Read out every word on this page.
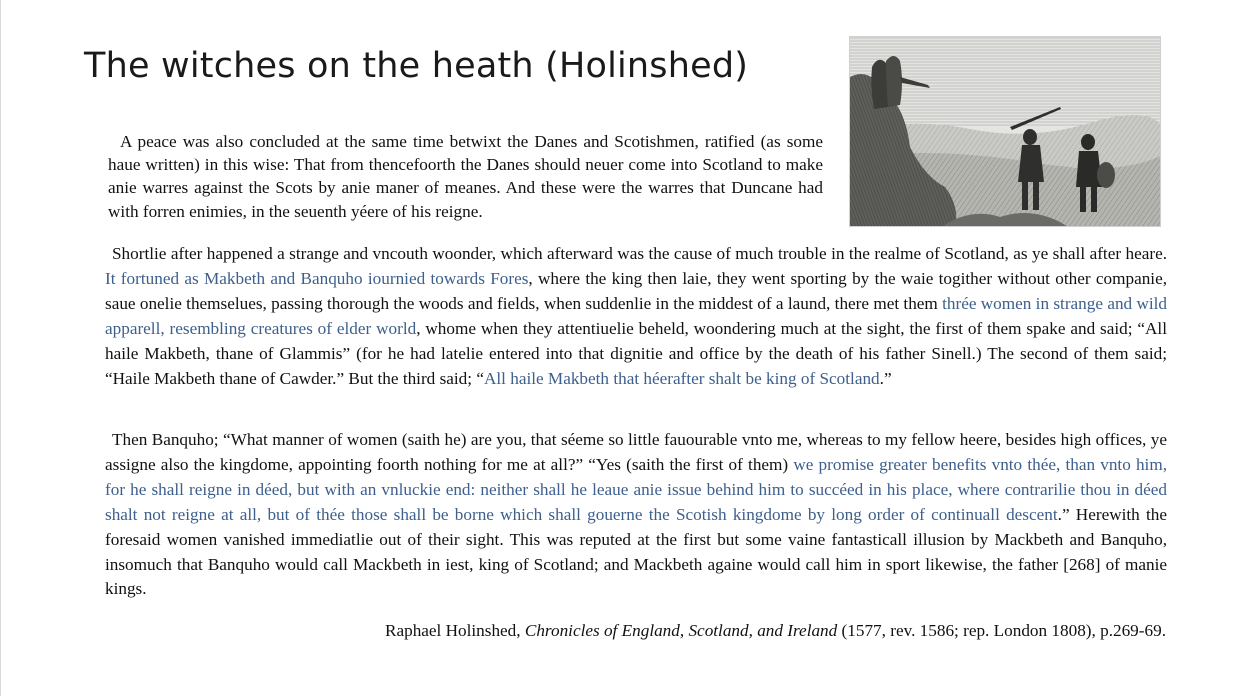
The witches on the heath (Holinshed)

A peace was also concluded at the same time betwixt the Danes and Scotishmen, ratified (as some haue written) in this wise: That from thencefoorth the Danes should neuer come into Scotland to make anie warres against the Scots by anie maner of meanes. And these were the warres that Duncane had with forren enimies, in the seuenth yéere of his reigne.

Shortlie after happened a strange and vncouth woonder, which afterward was the cause of much trouble in the realme of Scotland, as ye shall after heare. It fortuned as Makbeth and Banquho iournied towards Fores, where the king then laie, they went sporting by the waie togither without other companie, saue onelie themselues, passing thorough the woods and fields, when suddenlie in the middest of a laund, there met them thrée women in strange and wild apparell, resembling creatures of elder world, whome when they attentiuelie beheld, woondering much at the sight, the first of them spake and said; “All haile Makbeth, thane of Glammis” (for he had latelie entered into that dignitie and office by the death of his father Sinell.) The second of them said; “Haile Makbeth thane of Cawder.” But the third said; “All haile Makbeth that héerafter shalt be king of Scotland.”

Then Banquho; “What manner of women (saith he) are you, that séeme so little fauourable vnto me, whereas to my fellow heere, besides high offices, ye assigne also the kingdome, appointing foorth nothing for me at all?” “Yes (saith the first of them) we promise greater benefits vnto thée, than vnto him, for he shall reigne in déed, but with an vnluckie end: neither shall he leaue anie issue behind him to succéed in his place, where contrarilie thou in déed shalt not reigne at all, but of thée those shall be borne which shall gouerne the Scotish kingdome by long order of continuall descent.” Herewith the foresaid women vanished immediatlie out of their sight. This was reputed at the first but some vaine fantasticall illusion by Mackbeth and Banquho, insomuch that Banquho would call Mackbeth in iest, king of Scotland; and Mackbeth againe would call him in sport likewise, the father [268] of manie kings.

Raphael Holinshed, Chronicles of England, Scotland, and Ireland (1577, rev. 1586; rep. London 1808), p.269-69.
